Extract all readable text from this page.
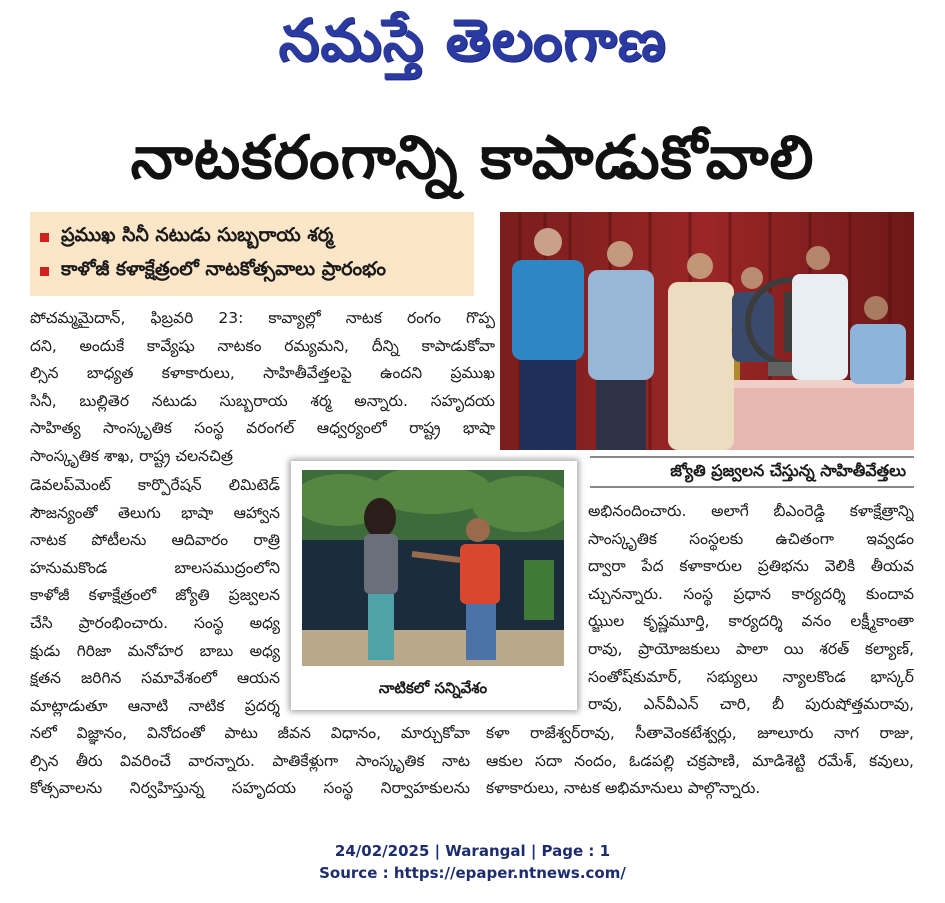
నమస్తే తెలంగాణ
నాటకరంగాన్ని కాపాడుకోవాలి
ప్రముఖ సినీ నటుడు సుబ్బరాయ శర్మ
కాళోజీ కళాక్షేత్రంలో నాటకోత్సవాలు ప్రారంభం
జ్యోతి ప్రజ్వలన చేస్తున్న సాహితీవేత్తలు
పోచమ్మమైదాన్, ఫిబ్రవరి 23: కావ్యాల్లో నాటక రంగం గొప్ప
దని, అందుకే కావ్యేషు నాటకం రమ్యమని, దీన్ని కాపాడుకోవా
ల్సిన బాధ్యత కళాకారులు, సాహితీవేత్తలపై ఉందని ప్రముఖ
సినీ, బుల్లితెర నటుడు సుబ్బరాయ శర్మ అన్నారు. సహృదయ
సాహిత్య సాంస్కృతిక సంస్థ వరంగల్ ఆధ్వర్యంలో రాష్ట్ర భాషా
సాంస్కృతిక శాఖ, రాష్ట్ర చలనచిత్ర
డెవలప్‌మెంట్ కార్పొరేషన్ లిమిటెడ్
సౌజన్యంతో తెలుగు భాషా ఆహ్వాన
నాటక పోటీలను ఆదివారం రాత్రి
హనుమకొండ బాలసముద్రంలోని
కాళోజీ కళాక్షేత్రంలో జ్యోతి ప్రజ్వలన
చేసి ప్రారంభించారు. సంస్థ అధ్య
క్షుడు గిరిజా మనోహర బాబు అధ్య
క్షతన జరిగిన సమావేశంలో ఆయన
మాట్లాడుతూ ఆనాటి నాటిక ప్రదర్శ
నలో విజ్ఞానం, వినోదంతో పాటు జీవన విధానం, మార్చుకోవా
ల్సిన తీరు వివరించే వారన్నారు. పాతికేళ్లుగా సాంస్కృతిక నాట
కోత్సవాలను నిర్వహిస్తున్న సహృదయ సంస్థ నిర్వాహకులను
అభినందించారు. అలాగే బీఎంరెడ్డి కళాక్షేత్రాన్ని
సాంస్కృతిక సంస్థలకు ఉచితంగా ఇవ్వడం
ద్వారా పేద కళాకారుల ప్రతిభను వెలికి తీయవ
చ్చునన్నారు. సంస్థ ప్రధాన కార్యదర్శి కుందావ
ఝ్జుల కృష్ణమూర్తి, కార్యదర్శి వనం లక్ష్మీకాంతా
రావు, ప్రాయోజకులు పాలా యి శరత్ కల్యాణ్,
సంతోష్‌కుమార్, సభ్యులు న్యాలకొండ భాస్కర్
రావు, ఎన్‌వీఎన్ చారి, బీ పురుషోత్తమరావు,
కళా రాజేశ్వర్‌రావు, సీతావెంకటేశ్వర్లు, జూలూరు నాగ రాజు,
ఆకుల సదా నందం, ఓడపల్లి చక్రపాణి, మాడిశెట్టి రమేశ్, కవులు,
కళాకారులు, నాటక అభిమానులు పాల్గొన్నారు.
నాటికలో సన్నివేశం
24/02/2025 | Warangal | Page : 1
Source : https://epaper.ntnews.com/
